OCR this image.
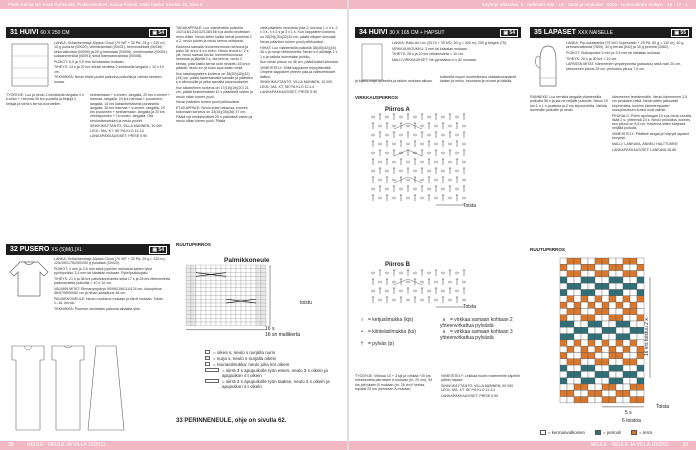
Pitsin Kamia Mn Knäk Rohkeasti, Puikkoneutteet, kuivat Pisteet, Mäki hassoi Sivusta 48, Sivu 5	Käytetyt villassiva, 3 · Neliöväri-Sitä · 14 · Nivät ja neuloosit · 0000 · Kummatlotre mäkyin · 16 · 17 · 1
31 HUIVI 60 X 250 CM	▣ 54

LANKA: Schachenmayr Alpaca Cloud (70 WF + 30 PA, 25 g = 225 m), 10 g puna-ta (00020), vihreänsinistä (00031), hennonsinistä (00036) sekä valkoista (00009) ja 25 g harmaata (00006), sinihernaista (00051), sukkanmerkkiä (00091) sekä harmaanruskeaa (00008).

PUIKOT: 6,0 ja 3,5 mm tai käsialan mukaan.

TIHEYS: 13 s ja 22 krs sileää neuletta 2 kerlaisella langalla = 10 x 10 cm.

TEKNIIKKA: Neulo tiiviat puolet palkoina puikoilla ja vaihda neuleen lomaa.

TYÖOHJE: Luo ja neulo 2 kerlaisella langalla 4 ri s:nnan + t kerhaa 30 krs puolella ja ketjuja 2 ketjuja ja siirrä s kerha vuorotellen.

sintharmaan + s:onnen -langalla, 20 krs s:onnen + harmaa -langalla, 24 krs harmaa + puoannen -langalla, 14 krs kaksinkertaisella punaisella langalla, 26 krs harmaa + s:onnen -langalla, 20 krs puoannen + sintharmaan -langalla ja 20 krs vihreäpunnen + t s:onnen -langalla. Ota neulontamarkkeri ja neulo puolet.

SINKKIKÄYTÄNTÖ: VILLA MANNEN, 10 000 LEOL: MA. KT. SE PÄ KLO 12-14

LANKAPÄKKAUS/SET: PRISE 5.90

32 PUSERO XS (S)M(L)XL	▣ 54

LANKA: Schachenmayr Alpaca Cloud (70 WF + 30 PA, 25 g = 225 m), 125/150/175/200/250 g punaista (00020).

PUIKOT: 4 mm ja 3,5 mm sekä pyöröen mukaista sarten lyhyt pyöröpuikko 3,5 mm tai käsialan mukaan. Pyöröpuikkojako.

TIHEYS: 21 s ja 38 krs palmikkoneuletta sekä 17 s ja 28 krs ribbineuletta palkoneuletta puikoilla = 10 x 10 cm.

VALMIIN MITAT: Rinnanympärys 90/98/106/114/124 cm, kokopituus 56/57/58/59/60 cm ja hihan sisäpituus 46 cm.

PALMIKKONEULE: Neulo ruudukon mukaan ja siirrä mukaan. Toistu 1.-16. krs:sa.

TEKNIIKKA: Puseron neuletaan palonna alhaalta ylös.

TAKAKAPPALE: Luo viiantenkilla puikoilla 102/116/124/132/138/156 s ja aloita neuletaan nelul reikin. Neulo sitten kaikki kerrat joustinta 2 o 2, neulo puolet ja neulo kerros mittausta.

Kavenna samalla reuneneemmus neuvona ja paloi 38. krs:ö 4 s:n erä:n. Neulo reuna s:, 2 s ylit, neulo samaa krs:lla, kummekonnossa neutosta ja jäljellä 2 s, ota kerros, neulo 2 kertaa, jotta kaikki kerrat ovat neulottu 16 krs:n päästä, neulo s:n ja koko lopa saatu vedä.

Kun takakappaleen korkeus on 38(39)(40)(42)(44) cm, pääle kaventamalla kaulalle ja pääntien s:n silmukoilla ja jatka samalla kavennukseen.

Kun takaneleen korkeus on 17(18)(19)(20) 21 cm, päätä keskimmäiset 42 s pääntietä varten ja neulo olkan toinen puoli.

Neulo pääntien toinen puoli peilikuvaksi.

ETUKAPPALE: Neulo kuten takaosa, kunnes kokonaan korkeus on 33(34)(35)(36) 37 cm. Päätä nyt keskimmäiset 20 s pääntietä varten ja neulo olkan toinen puoli. Päätä

vielä pääntien reunoista joka 2. krs:ssa 1 x 4 s, 2 x 3 s, 4 x 2 s ja 3 x 1 s. Kun kappaleen korkeus on 28(29)(30)(32)34 cm, päätä olkojen silmukat.

Neulo pääntien toinen puoli peilikuvaksi.

HIHAT: Luo viiantenkilla puikoilla 38(40)(42)(44) 46 s ja neulo ribbineuletta. Neulo s:n aloittaja 1 x 1 s ja vaihda isommaksi puikko.

Kun hihan pituus on 46 cm, päätä kaikki silmukat.

VIIMEISTELY: Silitä kappaleet höyryttämällä. Ompele kappaleet yhteen pää-ja vaihtoehtoiset lisäksi.

SINKKIKÄYTÄNTÖ: VILLA MANNEN, 10 000 LEOL: MA. KT. SE PÄ KLO 12-14

LANKAPÄKKAUS/SET: PRISE 5.90

RUUTUPIIRROS
Palmikkoneule
16 s
16 sn mallikerta
toistu
= oikea s, neulo s nurjalla nurin
= nurja s, neulo s nurjalla oikein
= reunasilmukka: neulo joka krs oikein
= siirrä 3 s apupuikolle työn eteen, neulo 3 s oikein ja apupuikon s:t oikein
= siirrä 3 s apupuikolle työn taakse, neulo 3 s oikein ja apupuikon s:t oikein
33 PERINNENEULE, ohje on sivulla 62.
34 HUIVI 30 X 165 CM + HAPSUT	▣ 54

LANKA: Rallo Air Lux (20 DI + 30 MO, 50 g = 300 m), 200 g beigeä (75).

VIRKKUUKOUKKU: 3 mm tai käsialan mukaan.

TIHEYS: 28 s ja 10 krs reikäneuleta = 10 cm.

MALLIVIRKKAUKSET: Ne pyrrisäkon ri s 82 mukaan.

kulkeelta nupon isodnelsessa vaakasuorapaketi kaiken ja neulo, seuraava ja reunat ja kätkää.

ja kaikki huivit kulkeelta ja taidon mukaan alkuun.

VIRKKAUSPIIRROS
Piirros A
Toista
Piirros B
Toista
○ = ketjusilmukka (kjs)
• = kiinteäsilmukka (ks)
† = pylväs (p)
∧ = virkkaa samaan kohtaan 2 yhteenvirkattua pylvästä
∧ = virkkaa samaan kohtaan 3 yhteenvirkattua pylvästä

TYÖOHJE: Virkkaa 10 + 3 kjs ja virkkaa *20 krs reikäneuleta piirroksen A mukaan (m. 20 cm), 34 krs piirroksen B mukaan (m. 28 cm)* kertaa, lopuksi 20 krs piirroksen A mukaan.

VIIMEISTELY: Leikkaa huivin molemmille kapeille päihin hapsut.

SINKKIKÄYTÄNTÖ: VILLA MANNEN, 00 000 LEOL: MA. KT. SE PÄ KLO 12-14

LANKAPÄKKAUS/SET: PRISE 6.90

35 LAPASET XXX NAISELLE	▣ 55

LANKA: Pip-sukkalanka (75 WO Superwash + 25 PA, 50 g = 130 m), 40 g kermanvalkoista (7600), 40 g terraa (542) ja 30 g petrolia (3982).

PUIKOT: Sukkapuikot 3 mm ja 3,5 mm tai käsialan mukaan.

TIHEYS: 26 s ja 30 krs = 10 cm.

LAPASEN MITAT: Kämmenen ympärysmitta (palautus) sekä noin 20 cm, kämmenen pituus 25 cm, peukalon pituus 7,5 cm.

RANNEKE: Luo terrialla langalla viiantenkilla puikoilla 56 s ja jaa ne neljälle puikoille. Neulo 15 krs 1 o 1 n joustinta ja 2 krs kirjoneuletta. Vaihda isommille puikoille ja neulo.

kämmenen leveämmälle. Neulo kämmenen 3,5 cm peukalon reikä. Neulo sitten jatkuvasti kirjoneuleta, kunnes kämmenpuolen ruutupiirroksen kuviot ovat valmiit.

PEUKALO: Poimi apulangan 10 s ja neulo sivuilta lisää 2 s, yhteensä 24 s. Neulo peukaloa, kunnes sen pituus on 5,5 cm. Kavenna sitten kärjessä neljällä puikolla.

VIIMEISTELY: Päättele langat ja höyrytä lapaset kevyesti.

MALLI: LANKAVA, ANNELI HALTTUNEN

LANKAPÄKKAUS/SET: LANKAVA 26.80

RUUTUPIIRROS
16 krs toistuu 2 x
Toista
5 s
6 toistoa
= kermanvalkoinen	= petrooli	= terra
38	NEULE · NEULE JA VILLA 10/2011	NEULE · NEULE JA VILLA 10/2011	39
